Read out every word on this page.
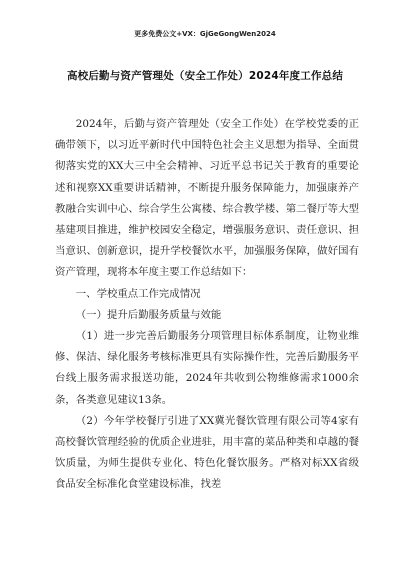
更多免费公文+VX：GjGeGongWen2024
高校后勤与资产管理处（安全工作处）2024年度工作总结

2024年，后勤与资产管理处（安全工作处）在学校党委的正确带领下，以习近平新时代中国特色社会主义思想为指导、全面贯彻落实党的XX大三中全会精神、习近平总书记关于教育的重要论述和视察XX重要讲话精神，不断提升服务保障能力，加强康养产教融合实训中心、综合学生公寓楼、综合教学楼、第二餐厅等大型基建项目推进，维护校园安全稳定，增强服务意识、责任意识、担当意识、创新意识，提升学校餐饮水平，加强服务保障，做好国有资产管理，现将本年度主要工作总结如下：

一、学校重点工作完成情况

（一）提升后勤服务质量与效能

（1）进一步完善后勤服务分项管理目标体系制度，让物业维修、保洁、绿化服务考核标准更具有实际操作性，完善后勤服务平台线上服务需求报送功能，2024年共收到公物维修需求1000余条，各类意见建议13条。

（2）今年学校餐厅引进了XX冀光餐饮管理有限公司等4家有高校餐饮管理经验的优质企业进驻，用丰富的菜品种类和卓越的餐饮质量，为师生提供专业化、特色化餐饮服务。严格对标XX省级食品安全标准化食堂建设标准，找差
